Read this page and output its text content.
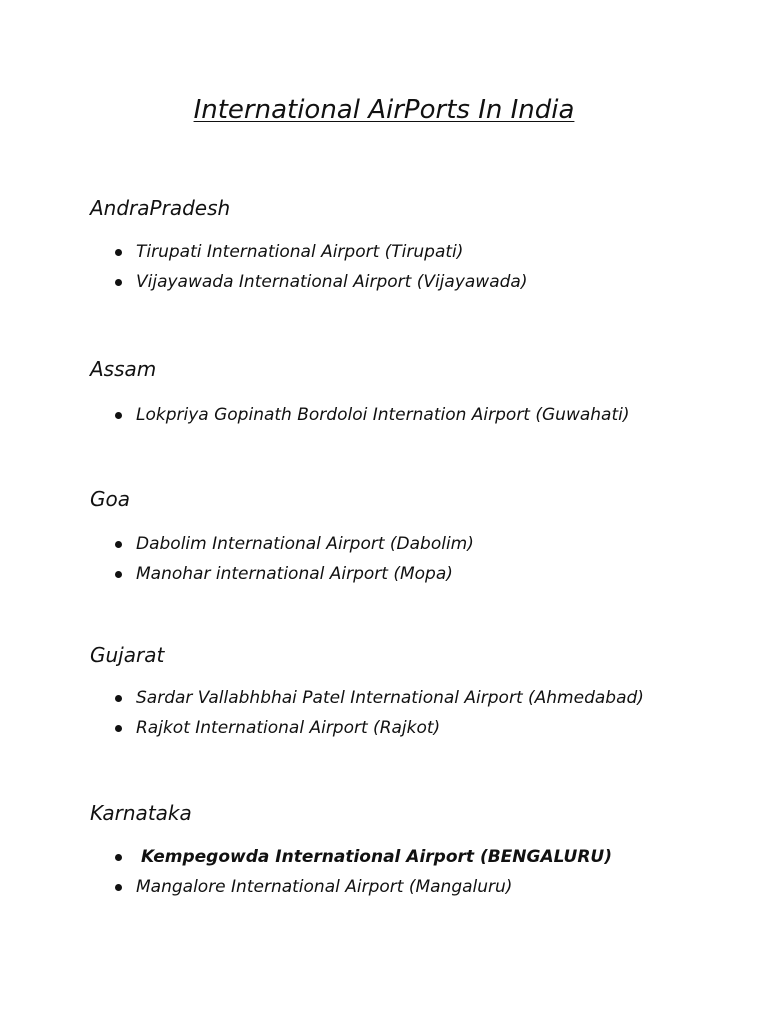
International AirPorts In India
AndraPradesh
Tirupati International Airport (Tirupati)
Vijayawada International Airport (Vijayawada)
Assam
Lokpriya Gopinath Bordoloi Internation Airport (Guwahati)
Goa
Dabolim International Airport (Dabolim)
Manohar international Airport (Mopa)
Gujarat
Sardar Vallabhbhai Patel International Airport (Ahmedabad)
Rajkot International Airport (Rajkot)
Karnataka
Kempegowda International Airport (BENGALURU)
Mangalore International Airport (Mangaluru)
